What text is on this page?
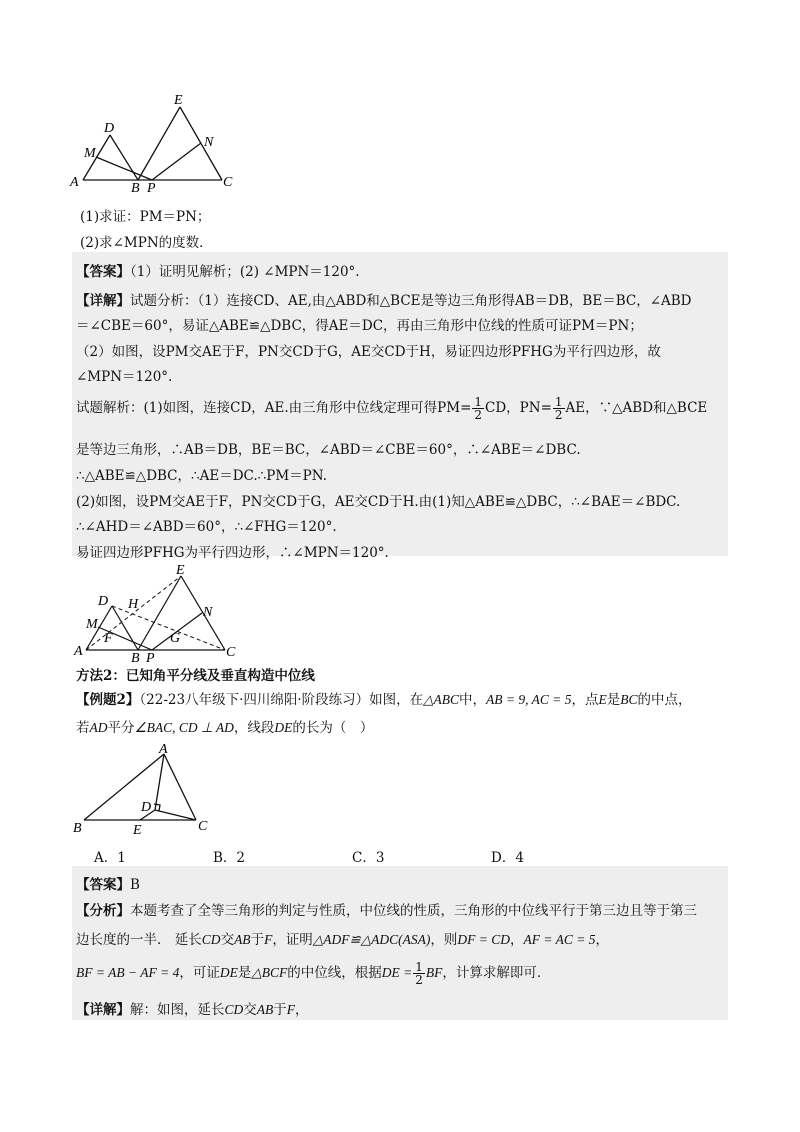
A	B P	C
D
E
M
N
(1)求证：PM＝PN；
(2)求∠MPN的度数．
【答案】（1）证明见解析；(2) ∠MPN＝120°.
【详解】试题分析：（1）连接CD、AE,由△ABD和△BCE是等边三角形得AB＝DB，BE＝BC，∠ABD
＝∠CBE＝60°，易证△ABE≌△DBC，得AE＝DC，再由三角形中位线的性质可证PM＝PN；
（2）如图，设PM交AE于F，PN交CD于G，AE交CD于H，易证四边形PFHG为平行四边形，故
∠MPN＝120°.
试题解析：(1)如图，连接CD，AE.由三角形中位线定理可得$PM= \frac{1}{2}$ CD，$PN= \frac{1}{2}$ AE，∵△ABD和△BCE
是等边三角形，∴AB＝DB，BE＝BC，∠ABD＝∠CBE＝60°，∴∠ABE＝∠DBC.
∴△ABE≌△DBC，∴AE＝DC.∴PM＝PN.
(2)如图，设PM交AE于F，PN交CD于G，AE交CD于H.由(1)知△ABE≌△DBC，∴∠BAE＝∠BDC.
∴∠AHD＝∠ABD＝60°，∴∠FHG＝120°.
易证四边形PFHG为平行四边形，∴∠MPN＝120°.
A	B P	C
D
E
H
M
N
F	G
方法2：已知角平分线及垂直构造中位线
【例题2】（22-23八年级下·四川绵阳·阶段练习）如图，在△ABC中，AB = 9, AC = 5，点E是BC的中点，
若AD平分∠BAC, CD ⊥ AD，线段DE的长为（　）
A
B	C
D
E
A．1	B．2	C．3	D．4
【答案】B
【分析】本题考查了全等三角形的判定与性质，中位线的性质，三角形的中位线平行于第三边且等于第三
边长度的一半． 延长CD交AB于F，证明△ADF≌△ADC(ASA)，则DF = CD，AF = AC = 5，
BF = AB − AF = 4，可证DE是△BCF的中位线，根据DE = $\frac{1}{2}$ BF，计算求解即可．
【详解】解：如图，延长CD交AB于F，
